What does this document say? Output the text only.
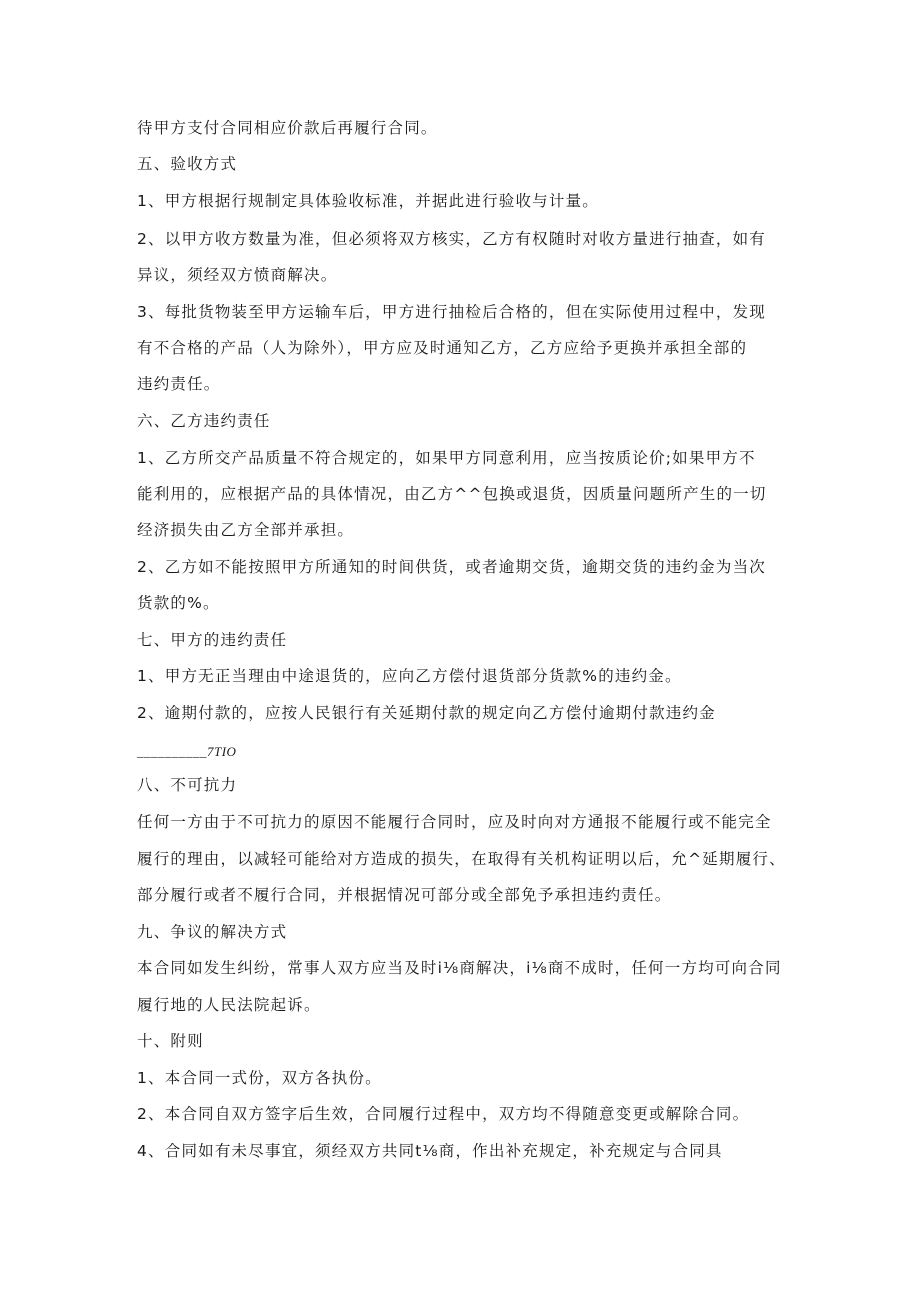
待甲方支付合同相应价款后再履行合同。
五、验收方式
1、甲方根据行规制定具体验收标准，并据此进行验收与计量。
2、以甲方收方数量为准，但必须将双方核实，乙方有权随时对收方量进行抽查，如有
异议，须经双方愤商解决。
3、每批货物装至甲方运输车后，甲方进行抽检后合格的，但在实际使用过程中，发现
有不合格的产品（人为除外），甲方应及时通知乙方，乙方应给予更换并承担全部的
违约责任。
六、乙方违约责任
1、乙方所交产品质量不符合规定的，如果甲方同意利用，应当按质论价;如果甲方不
能利用的，应根据产品的具体情况，由乙方^^包换或退货，因质量问题所产生的一切
经济损失由乙方全部并承担。
2、乙方如不能按照甲方所通知的时间供货，或者逾期交货，逾期交货的违约金为当次
货款的%。
七、甲方的违约责任
1、甲方无正当理由中途退货的，应向乙方偿付退货部分货款%的违约金。
2、逾期付款的，应按人民银行有关延期付款的规定向乙方偿付逾期付款违约金
__________7TIO
八、不可抗力
任何一方由于不可抗力的原因不能履行合同时，应及时向对方通报不能履行或不能完全
履行的理由，以减轻可能给对方造成的损失，在取得有关机构证明以后，允^延期履行、
部分履行或者不履行合同，并根据情况可部分或全部免予承担违约责任。
九、争议的解决方式
本合同如发生纠纷，常事人双方应当及时i⅛商解决，i⅛商不成时，任何一方均可向合同
履行地的人民法院起诉。
十、附则
1、本合同一式份，双方各执份。
2、本合同自双方签字后生效，合同履行过程中，双方均不得随意变更或解除合同。
4、合同如有未尽事宜，须经双方共同t⅛商，作出补充规定，补充规定与合同具
